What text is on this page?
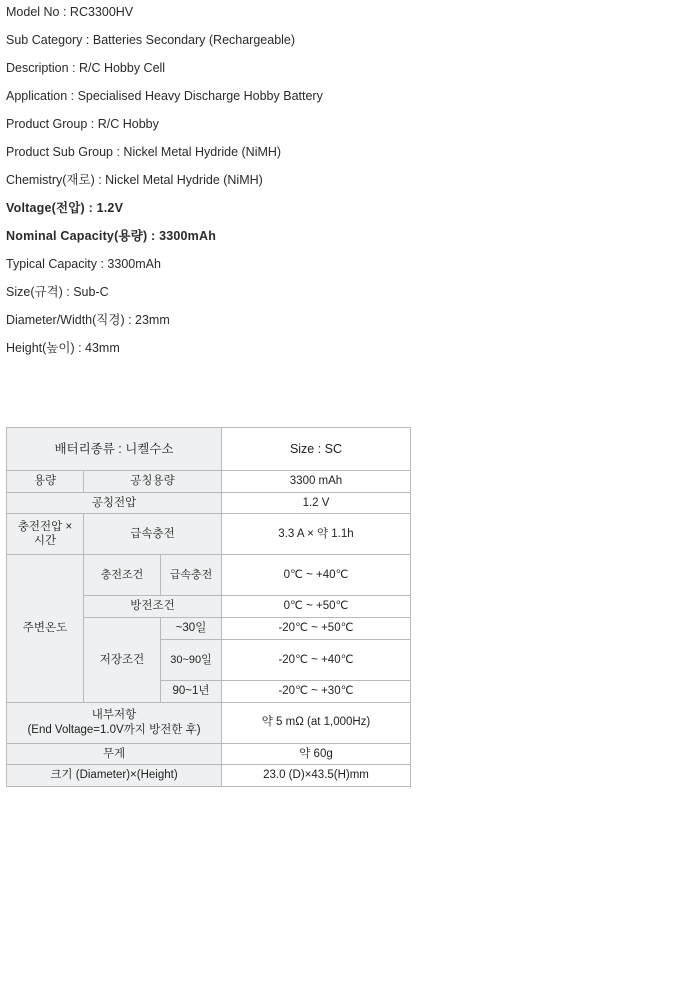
Model No : RC3300HV
Sub Category : Batteries Secondary (Rechargeable)
Description : R/C Hobby Cell
Application : Specialised Heavy Discharge Hobby Battery
Product Group : R/C Hobby
Product Sub Group : Nickel Metal Hydride (NiMH)
Chemistry(재로) : Nickel Metal Hydride (NiMH)
Voltage(전압) : 1.2V
Nominal Capacity(용량) : 3300mAh
Typical Capacity : 3300mAh
Size(규격) : Sub-C
Diameter/Width(직경) : 23mm
Height(높이) : 43mm
배터리종류 : 니켈수소			Size : SC
용량	공칭용량		3300 mAh
공칭전압			1.2 V
충전전압 × 시간	급속충전		3.3 A × 약 1.1h
주변온도	충전조건	급속충전	0℃ ~ +40℃
	방전조건		0℃ ~ +50℃
	저장조건	~30일	-20℃ ~ +50℃
		30~90일	-20℃ ~ +40℃
		90~1년	-20℃ ~ +30℃
내부저항
(End Voltage=1.0V까지 방전한 후)			약 5 mΩ (at 1,000Hz)
무게			약 60g
크기 (Diameter)×(Height)			23.0 (D)×43.5(H)mm
